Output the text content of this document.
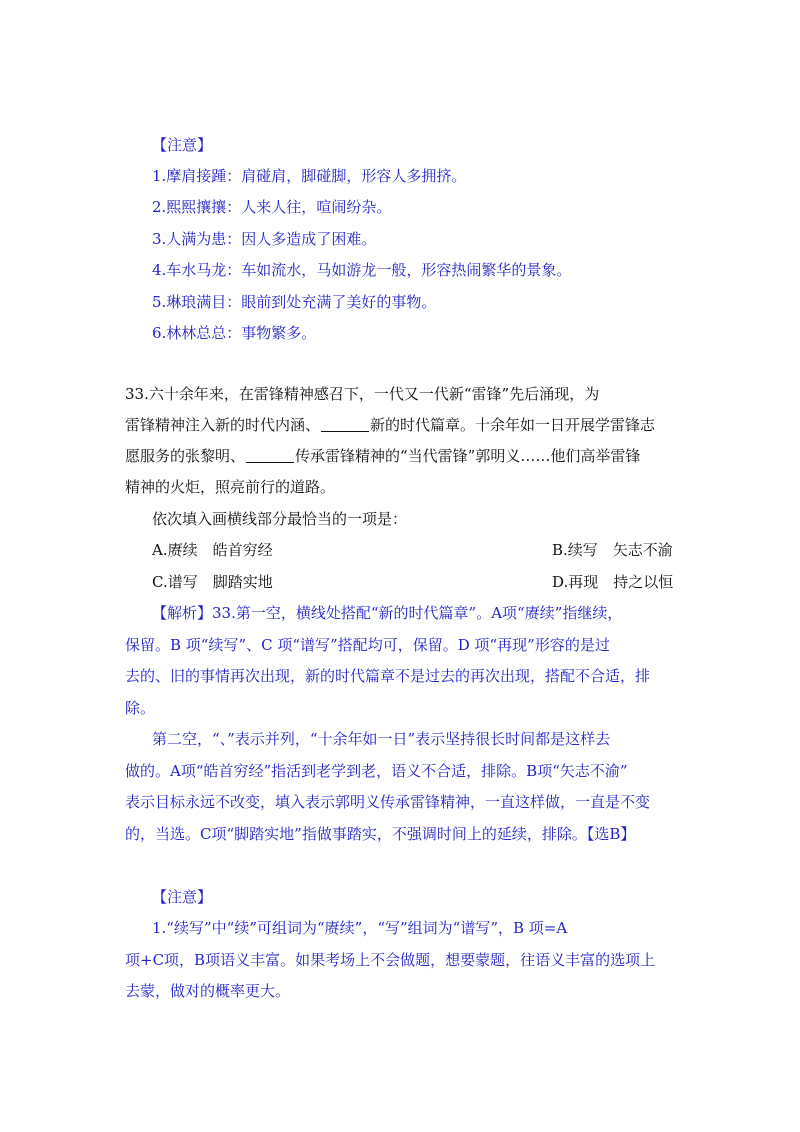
【注意】
1.摩肩接踵：肩碰肩，脚碰脚，形容人多拥挤。
2.熙熙攘攘：人来人往，喧闹纷杂。
3.人满为患：因人多造成了困难。
4.车水马龙：车如流水，马如游龙一般，形容热闹繁华的景象。
5.琳琅满目：眼前到处充满了美好的事物。
6.林林总总：事物繁多。
33.六十余年来，在雷锋精神感召下，一代又一代新“雷锋”先后涌现，为
雷锋精神注入新的时代内涵、	新的时代篇章。十余年如一日开展学雷锋志
愿服务的张黎明、	传承雷锋精神的“当代雷锋”郭明义……他们高举雷锋
精神的火炬，照亮前行的道路。
依次填入画横线部分最恰当的一项是：
A.赓续　皓首穷经	B.续写　矢志不渝
C.谱写　脚踏实地	D.再现　持之以恒
【解析】33.第一空，横线处搭配“新的时代篇章”。A项“赓续”指继续，
保留。B 项“续写”、C 项“谱写”搭配均可，保留。D 项“再现”形容的是过
去的、旧的事情再次出现，新的时代篇章不是过去的再次出现，搭配不合适，排
除。
第二空，“、”表示并列，“十余年如一日”表示坚持很长时间都是这样去
做的。A项“皓首穷经”指活到老学到老，语义不合适，排除。B项“矢志不渝”
表示目标永远不改变，填入表示郭明义传承雷锋精神，一直这样做，一直是不变
的，当选。C项“脚踏实地”指做事踏实，不强调时间上的延续，排除。【选B】
【注意】
1.“续写”中“续”可组词为“赓续”，“写”组词为“谱写”，B 项=A
项+C项，B项语义丰富。如果考场上不会做题，想要蒙题，往语义丰富的选项上
去蒙，做对的概率更大。
